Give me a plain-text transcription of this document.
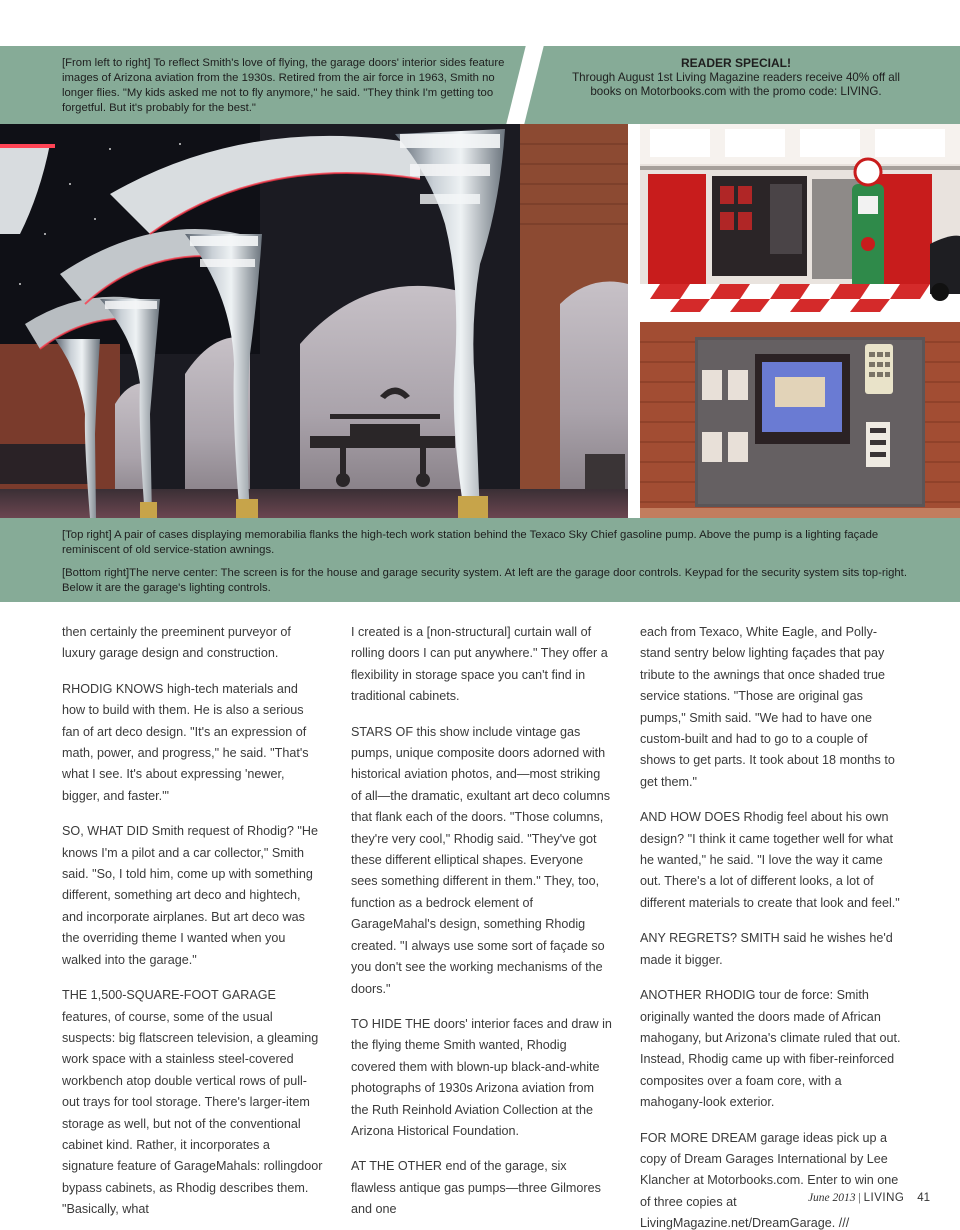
[From left to right] To reflect Smith's love of flying, the garage doors' interior sides feature images of Arizona aviation from the 1930s. Retired from the air force in 1963, Smith no longer flies. "My kids asked me not to fly anymore," he said. "They think I'm getting too forgetful. But it's probably for the best."
READER SPECIAL!
Through August 1st Living Magazine readers receive 40% off all books on Motorbooks.com with the promo code: LIVING.
[Top right] A pair of cases displaying memorabilia flanks the high-tech work station behind the Texaco Sky Chief gasoline pump. Above the pump is a lighting façade reminiscent of old service-station awnings.
[Bottom right]The nerve center: The screen is for the house and garage security system. At left are the garage door controls. Keypad for the security system sits top-right. Below it are the garage's lighting controls.

then certainly the preeminent purveyor of luxury garage design and construction.

RHODIG KNOWS high-tech materials and how to build with them. He is also a serious fan of art deco design. "It's an expression of math, power, and progress," he said. "That's what I see. It's about expressing 'newer, bigger, and faster.'"

SO, WHAT DID Smith request of Rhodig? "He knows I'm a pilot and a car collector," Smith said. "So, I told him, come up with something different, something art deco and hightech, and incorporate airplanes. But art deco was the overriding theme I wanted when you walked into the garage."

THE 1,500-SQUARE-FOOT GARAGE features, of course, some of the usual suspects: big flatscreen television, a gleaming work space with a stainless steel-covered workbench atop double vertical rows of pull-out trays for tool storage. There's larger-item storage as well, but not of the conventional cabinet kind. Rather, it incorporates a signature feature of GarageMahals: rollingdoor bypass cabinets, as Rhodig describes them. "Basically, what

I created is a [non-structural] curtain wall of rolling doors I can put anywhere." They offer a flexibility in storage space you can't find in traditional cabinets.

STARS OF this show include vintage gas pumps, unique composite doors adorned with historical aviation photos, and—most striking of all—the dramatic, exultant art deco columns that flank each of the doors. "Those columns, they're very cool," Rhodig said. "They've got these different elliptical shapes. Everyone sees something different in them." They, too, function as a bedrock element of GarageMahal's design, something Rhodig created. "I always use some sort of façade so you don't see the working mechanisms of the doors."

TO HIDE THE doors' interior faces and draw in the flying theme Smith wanted, Rhodig covered them with blown-up black-and-white photographs of 1930s Arizona aviation from the Ruth Reinhold Aviation Collection at the Arizona Historical Foundation.

AT THE OTHER end of the garage, six flawless antique gas pumps—three Gilmores and one

each from Texaco, White Eagle, and Polly-stand sentry below lighting façades that pay tribute to the awnings that once shaded true service stations. "Those are original gas pumps," Smith said. "We had to have one custom-built and had to go to a couple of shows to get parts. It took about 18 months to get them."

AND HOW DOES Rhodig feel about his own design? "I think it came together well for what he wanted," he said. "I love the way it came out. There's a lot of different looks, a lot of different materials to create that look and feel."

ANY REGRETS? SMITH said he wishes he'd made it bigger.

ANOTHER RHODIG tour de force: Smith originally wanted the doors made of African mahogany, but Arizona's climate ruled that out. Instead, Rhodig came up with fiber-reinforced composites over a foam core, with a mahogany-look exterior.

FOR MORE DREAM garage ideas pick up a copy of Dream Garages International by Lee Klancher at Motorbooks.com. Enter to win one of three copies at LivingMagazine.net/DreamGarage. ///

June 2013 | LIVING 41
